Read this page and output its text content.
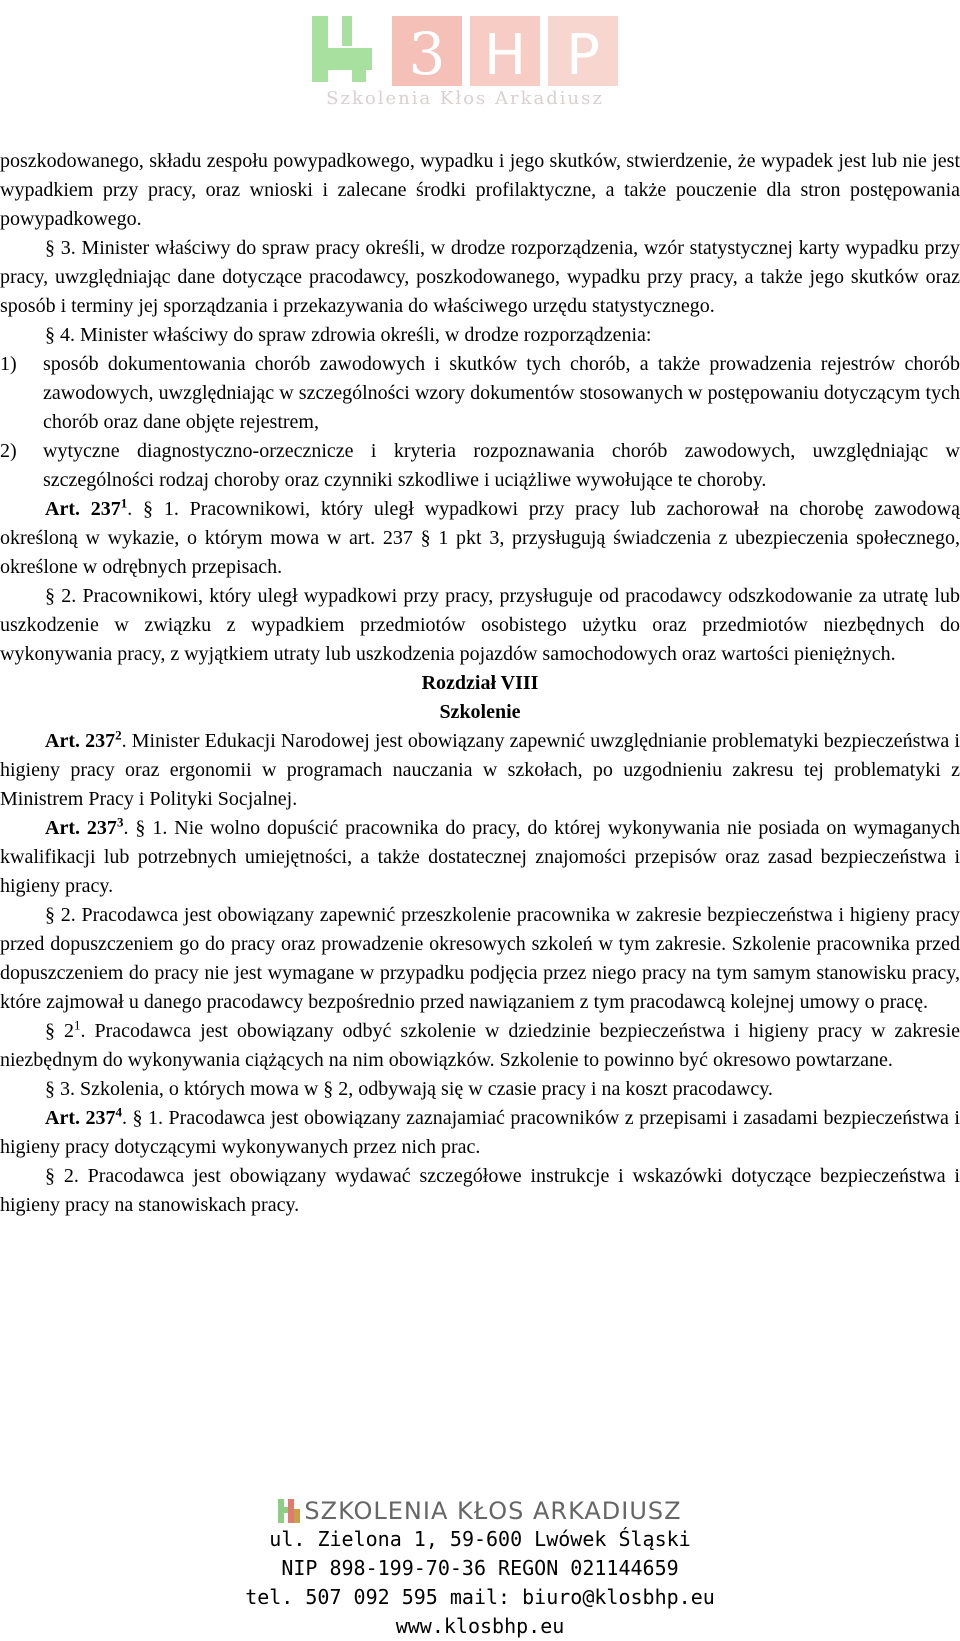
3 H P
Szkolenia Kłos Arkadiusz

poszkodowanego, składu zespołu powypadkowego, wypadku i jego skutków, stwierdzenie, że wypadek jest lub nie jest wypadkiem przy pracy, oraz wnioski i zalecane środki profilaktyczne, a także pouczenie dla stron postępowania powypadkowego.

§ 3. Minister właściwy do spraw pracy określi, w drodze rozporządzenia, wzór statystycznej karty wypadku przy pracy, uwzględniając dane dotyczące pracodawcy, poszkodowanego, wypadku przy pracy, a także jego skutków oraz sposób i terminy jej sporządzania i przekazywania do właściwego urzędu statystycznego.

§ 4. Minister właściwy do spraw zdrowia określi, w drodze rozporządzenia:

1) sposób dokumentowania chorób zawodowych i skutków tych chorób, a także prowadzenia rejestrów chorób zawodowych, uwzględniając w szczególności wzory dokumentów stosowanych w postępowaniu dotyczącym tych chorób oraz dane objęte rejestrem,
2) wytyczne diagnostyczno-orzecznicze i kryteria rozpoznawania chorób zawodowych, uwzględniając w szczególności rodzaj choroby oraz czynniki szkodliwe i uciążliwe wywołujące te choroby.

Art. $237^1$. § 1. Pracownikowi, który uległ wypadkowi przy pracy lub zachorował na chorobę zawodową określoną w wykazie, o którym mowa w art. 237 § 1 pkt 3, przysługują świadczenia z ubezpieczenia społecznego, określone w odrębnych przepisach.

§ 2. Pracownikowi, który uległ wypadkowi przy pracy, przysługuje od pracodawcy odszkodowanie za utratę lub uszkodzenie w związku z wypadkiem przedmiotów osobistego użytku oraz przedmiotów niezbędnych do wykonywania pracy, z wyjątkiem utraty lub uszkodzenia pojazdów samochodowych oraz wartości pieniężnych.

Rozdział VIII

Szkolenie

Art. $237^2$. Minister Edukacji Narodowej jest obowiązany zapewnić uwzględnianie problematyki bezpieczeństwa i higieny pracy oraz ergonomii w programach nauczania w szkołach, po uzgodnieniu zakresu tej problematyki z Ministrem Pracy i Polityki Socjalnej.

Art. $237^3$. § 1. Nie wolno dopuścić pracownika do pracy, do której wykonywania nie posiada on wymaganych kwalifikacji lub potrzebnych umiejętności, a także dostatecznej znajomości przepisów oraz zasad bezpieczeństwa i higieny pracy.

§ 2. Pracodawca jest obowiązany zapewnić przeszkolenie pracownika w zakresie bezpieczeństwa i higieny pracy przed dopuszczeniem go do pracy oraz prowadzenie okresowych szkoleń w tym zakresie. Szkolenie pracownika przed dopuszczeniem do pracy nie jest wymagane w przypadku podjęcia przez niego pracy na tym samym stanowisku pracy, które zajmował u danego pracodawcy bezpośrednio przed nawiązaniem z tym pracodawcą kolejnej umowy o pracę.

§ $2^1$. Pracodawca jest obowiązany odbyć szkolenie w dziedzinie bezpieczeństwa i higieny pracy w zakresie niezbędnym do wykonywania ciążących na nim obowiązków. Szkolenie to powinno być okresowo powtarzane.

§ 3. Szkolenia, o których mowa w § 2, odbywają się w czasie pracy i na koszt pracodawcy.

Art. $237^4$. § 1. Pracodawca jest obowiązany zaznajamiać pracowników z przepisami i zasadami bezpieczeństwa i higieny pracy dotyczącymi wykonywanych przez nich prac.

§ 2. Pracodawca jest obowiązany wydawać szczegółowe instrukcje i wskazówki dotyczące bezpieczeństwa i higieny pracy na stanowiskach pracy.

SZKOLENIA KŁOS ARKADIUSZ
ul. Zielona 1, 59-600 Lwówek Śląski
NIP 898-199-70-36 REGON 021144659
tel. 507 092 595 mail: biuro@klosbhp.eu
www.klosbhp.eu
